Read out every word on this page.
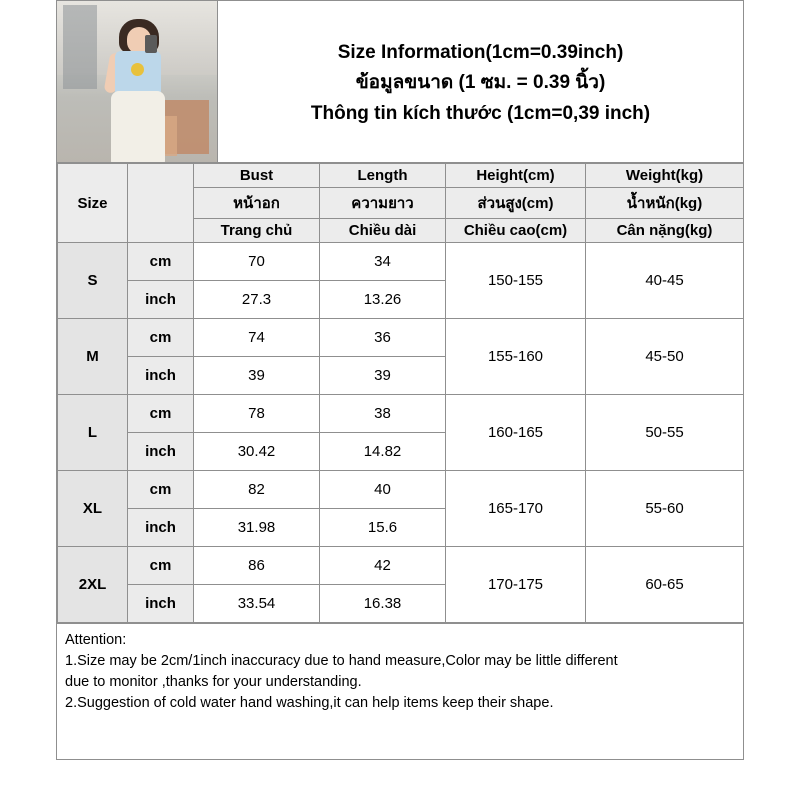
Size Information(1cm=0.39inch)
ข้อมูลขนาด (1 ซม. = 0.39 นิ้ว)
Thông tin kích thước (1cm=0,39 inch)
Size		Bust	Length	Height(cm)	Weight(kg)
		หน้าอก	ความยาว	ส่วนสูง(cm)	น้ำหนัก(kg)
		Trang chủ	Chiều dài	Chiều cao(cm)	Cân nặng(kg)
S	cm	70	34	150-155	40-45
	inch	27.3	13.26		
M	cm	74	36	155-160	45-50
	inch	39	39		
L	cm	78	38	160-165	50-55
	inch	30.42	14.82		
XL	cm	82	40	165-170	55-60
	inch	31.98	15.6		
2XL	cm	86	42	170-175	60-65
	inch	33.54	16.38		
Attention:
1.Size may be 2cm/1inch inaccuracy due to hand measure,Color may be little different
due to monitor ,thanks for your understanding.
2.Suggestion of cold water hand washing,it can help items keep their shape.
